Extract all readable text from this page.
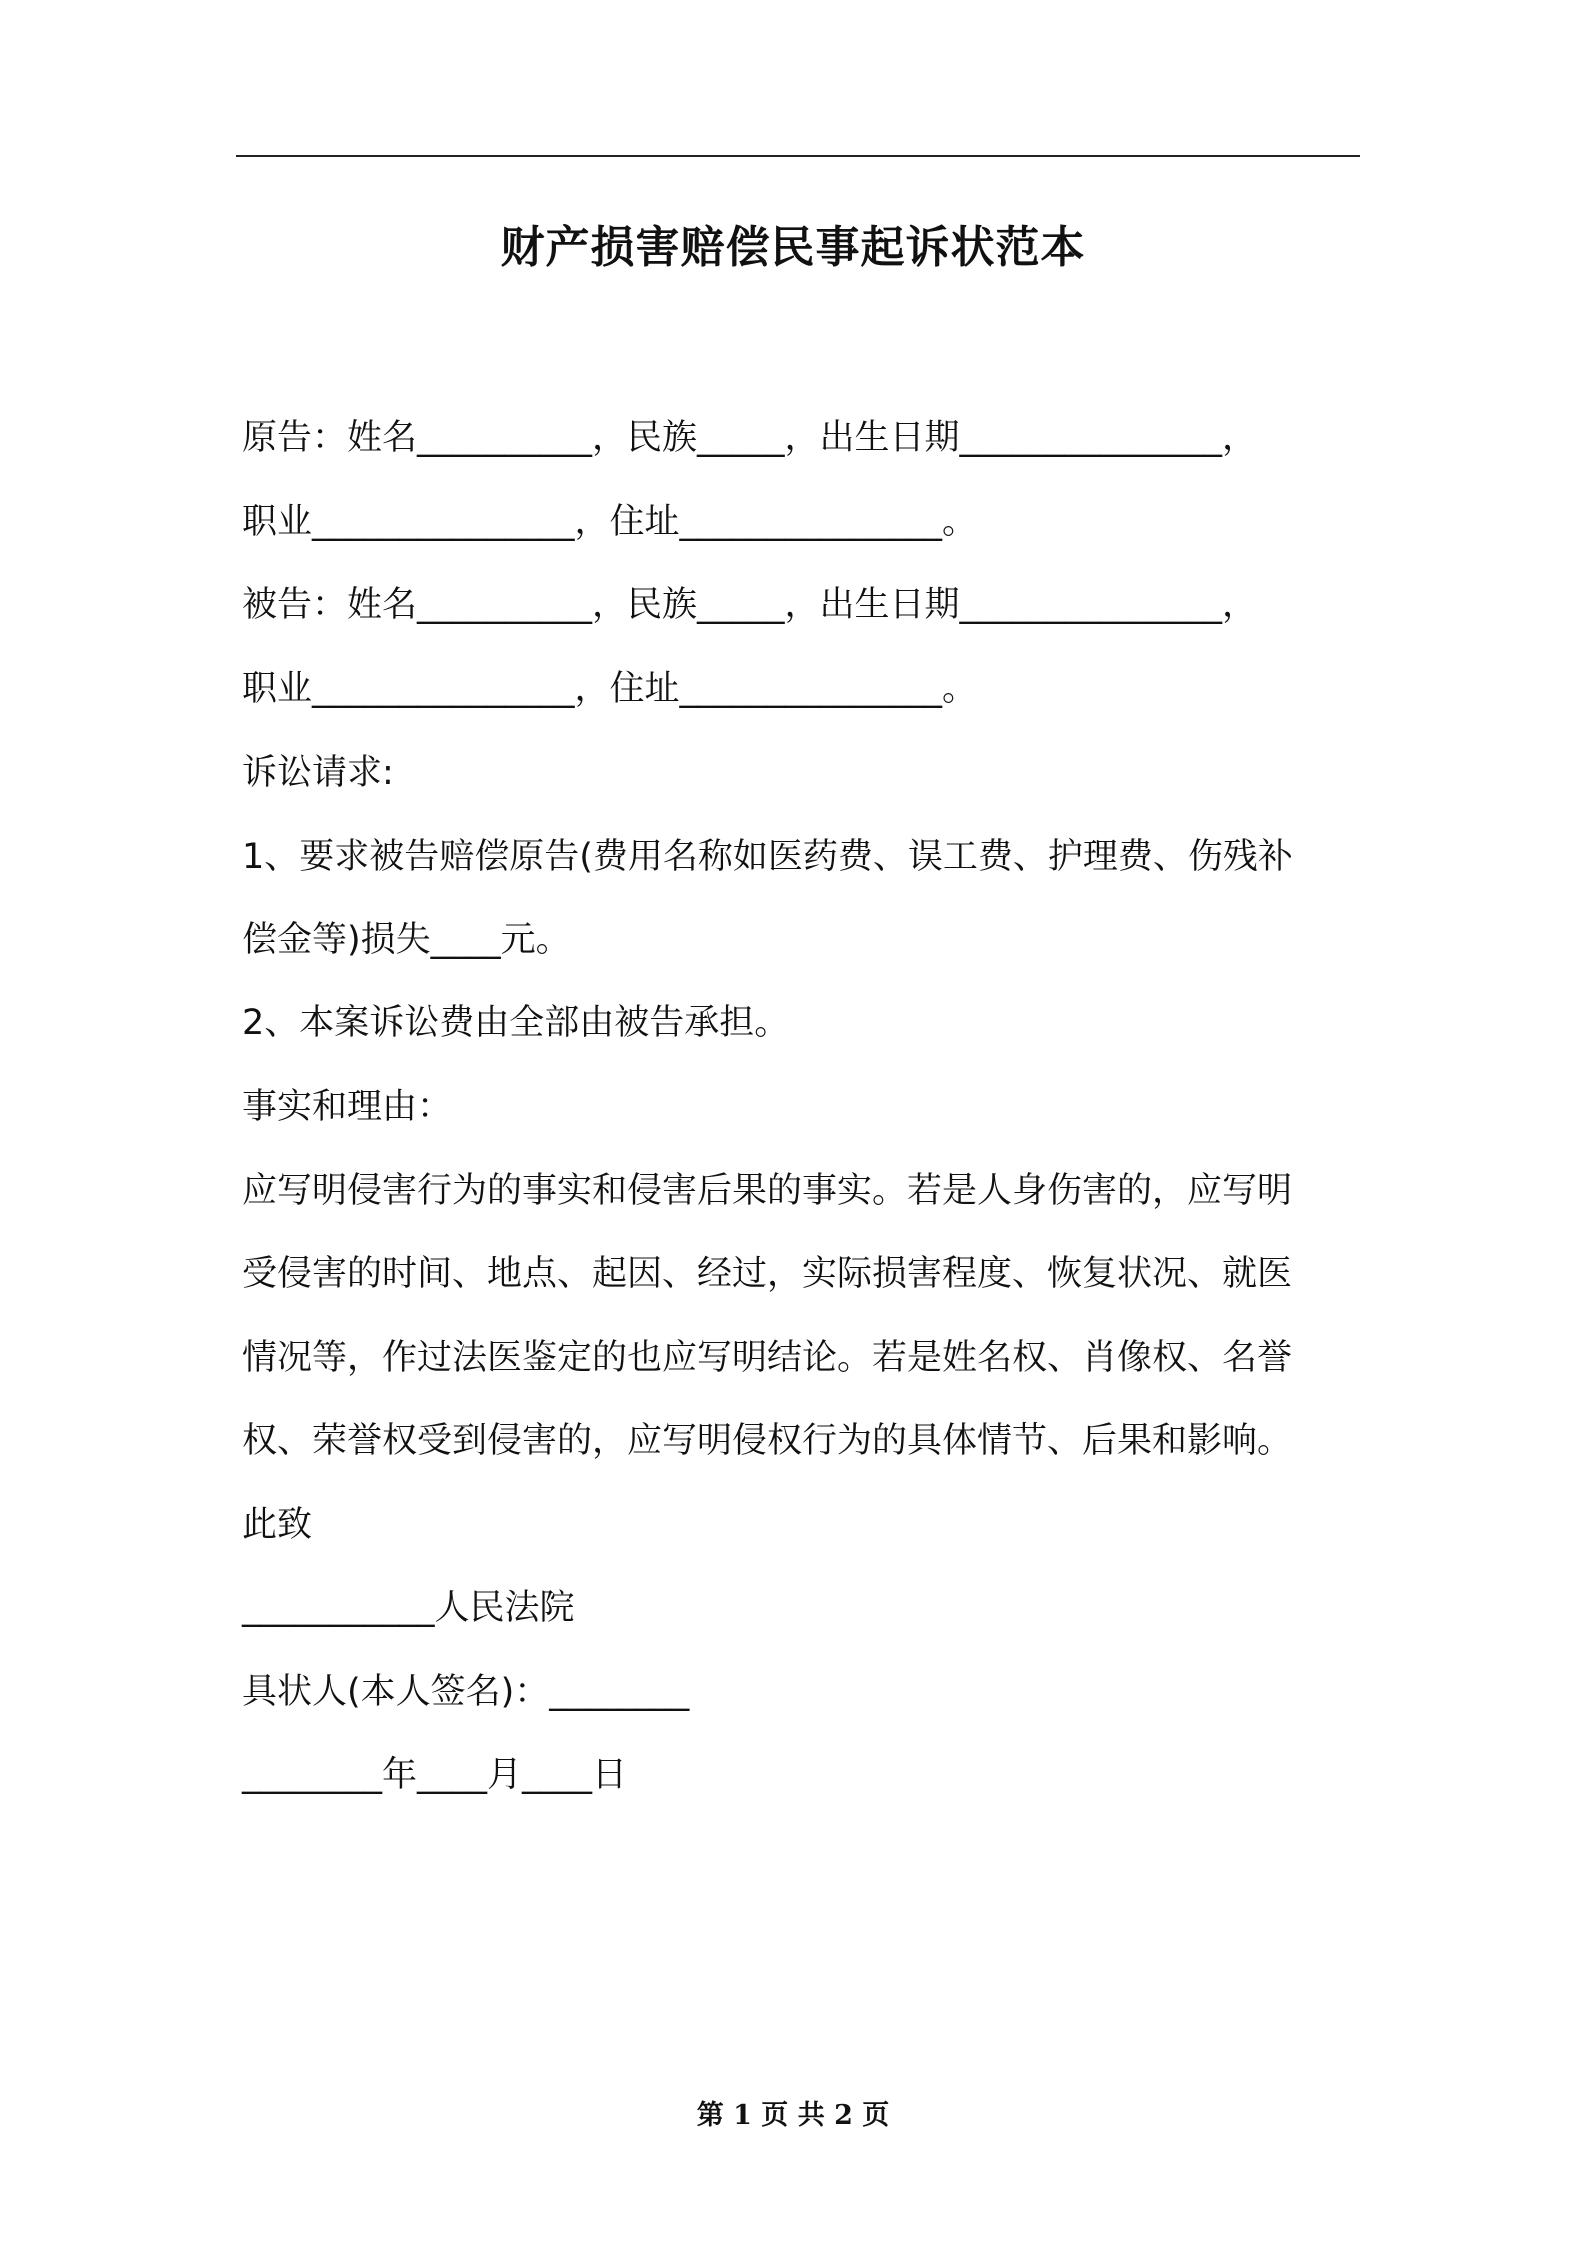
财产损害赔偿民事起诉状范本
原告：姓名__________，民族_____，出生日期_______________，
职业_______________，住址_______________。
被告：姓名__________，民族_____，出生日期_______________，
职业_______________，住址_______________。
诉讼请求:
1、要求被告赔偿原告(费用名称如医药费、误工费、护理费、伤残补
偿金等)损失____元。
2、本案诉讼费由全部由被告承担。
事实和理由：
应写明侵害行为的事实和侵害后果的事实。若是人身伤害的，应写明
受侵害的时间、地点、起因、经过，实际损害程度、恢复状况、就医
情况等，作过法医鉴定的也应写明结论。若是姓名权、肖像权、名誉
权、荣誉权受到侵害的，应写明侵权行为的具体情节、后果和影响。
此致
___________人民法院
具状人(本人签名)：________
________年____月____日
第 1 页 共 2 页
